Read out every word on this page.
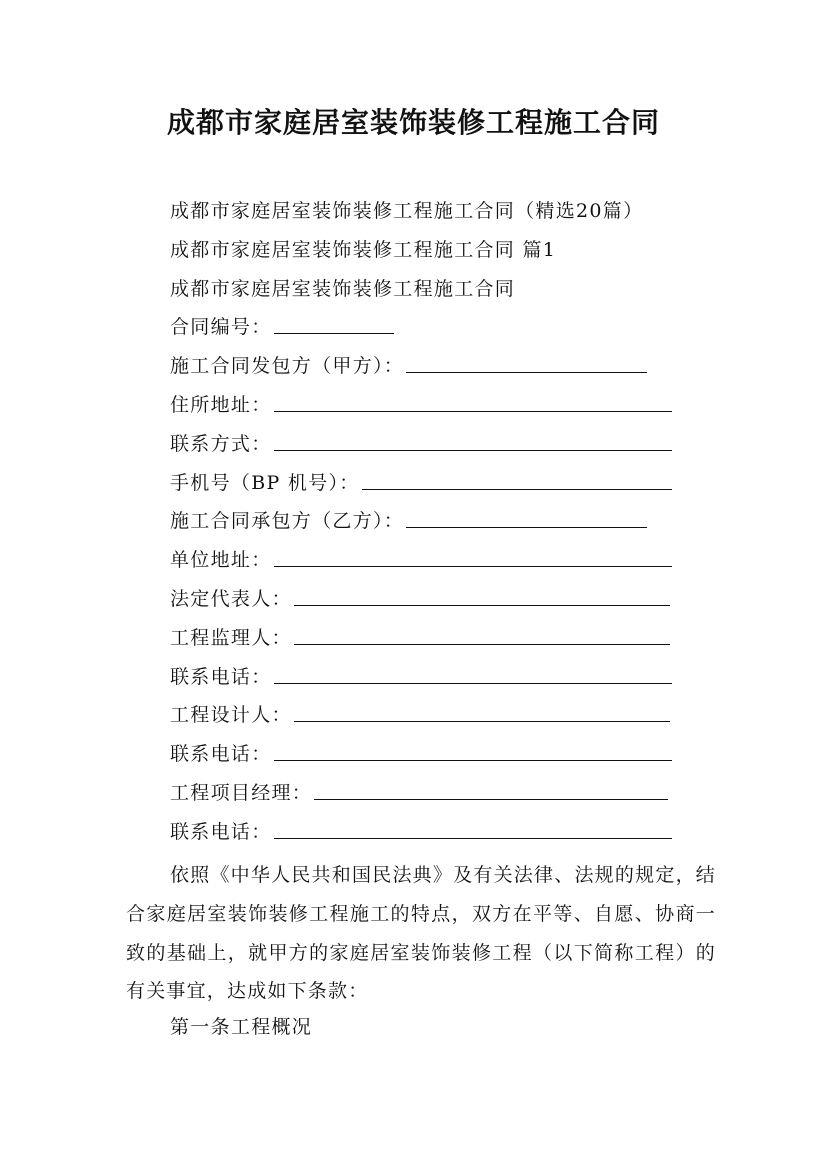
成都市家庭居室装饰装修工程施工合同
成都市家庭居室装饰装修工程施工合同（精选20篇）
成都市家庭居室装饰装修工程施工合同 篇1
成都市家庭居室装饰装修工程施工合同
合同编号：
施工合同发包方（甲方）：
住所地址：
联系方式：
手机号（BP 机号）：
施工合同承包方（乙方）：
单位地址：
法定代表人：
工程监理人：
联系电话：
工程设计人：
联系电话：
工程项目经理：
联系电话：

依照《中华人民共和国民法典》及有关法律、法规的规定，结合家庭居室装饰装修工程施工的特点，双方在平等、自愿、协商一致的基础上，就甲方的家庭居室装饰装修工程（以下简称工程）的有关事宜，达成如下条款：

第一条工程概况
